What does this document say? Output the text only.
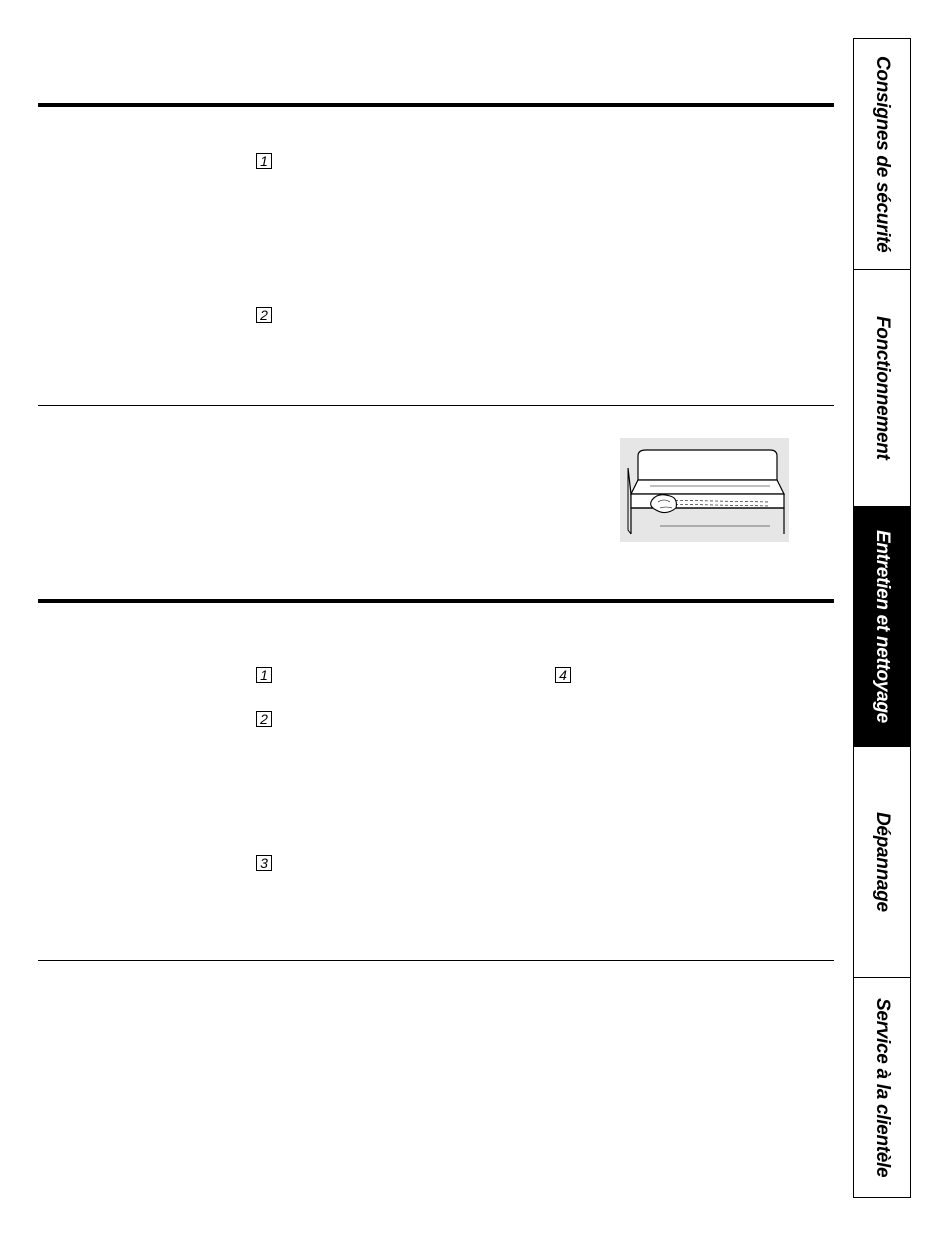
1
2
1
2
3
4
Consignes de sécurité
Fonctionnement
Entretien et nettoyage
Dépannage
Service à la clientèle
